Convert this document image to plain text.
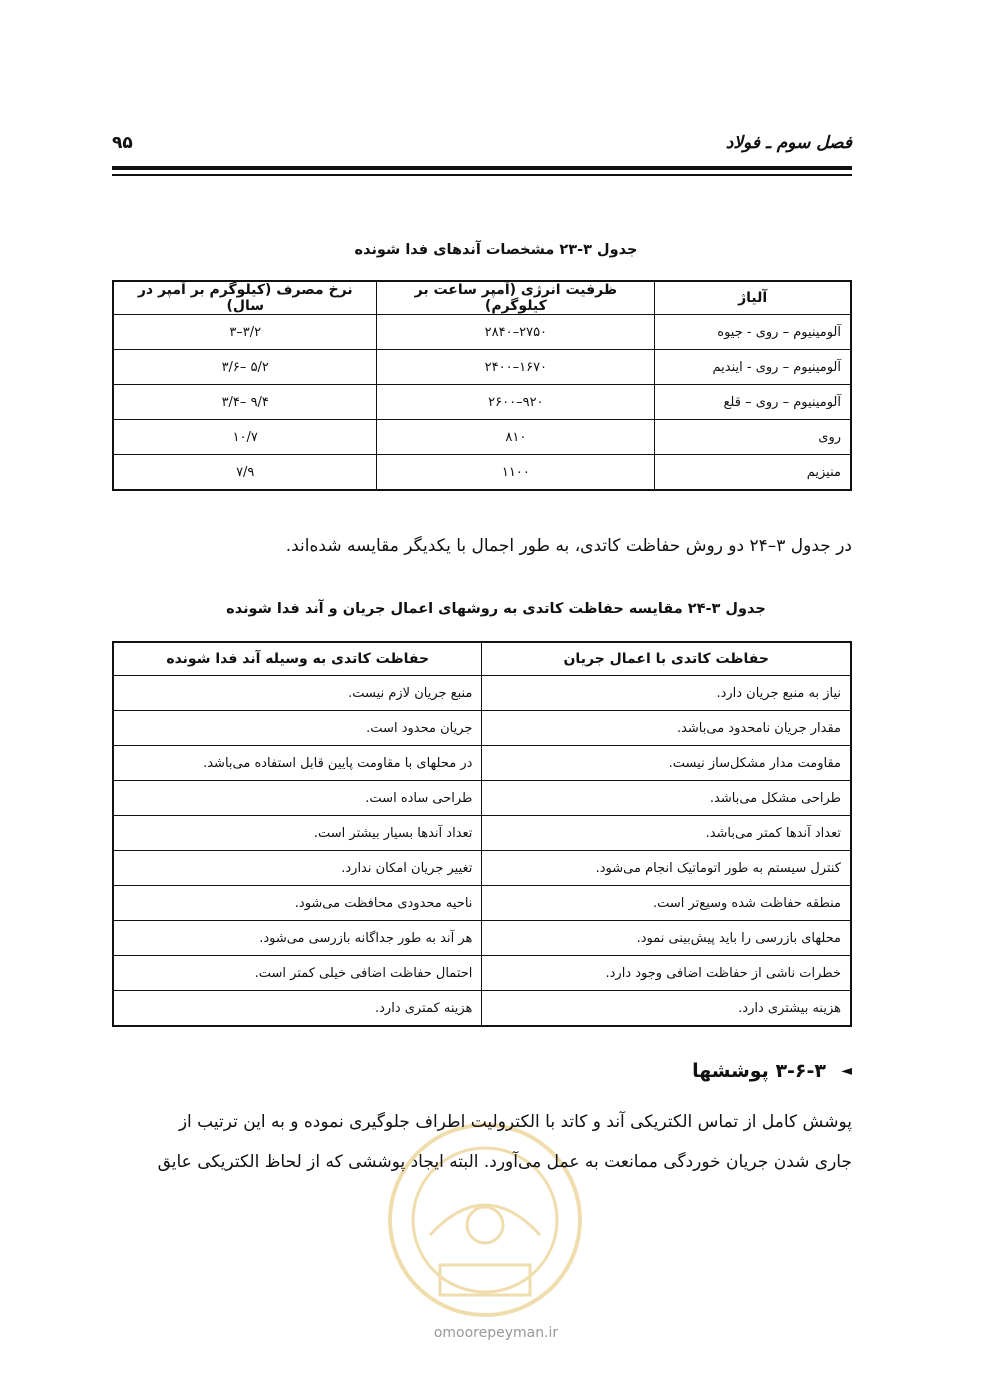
فصل سوم ـ فولاد
۹۵
جدول ۳-۲۳ مشخصات آندهای فدا شونده
آلیاژ	ظرفیت انرژی (آمپر ساعت بر کیلوگرم)	نرخ مصرف (کیلوگرم بر آمپر در سال)
آلومینیوم – روی - جیوه	۲۷۵۰–۲۸۴۰	۳/۲–۳
آلومینیوم – روی - ایندیم	۱۶۷۰–۲۴۰۰	۵/۲ –۳/۶
آلومینیوم – روی – قلع	۹۲۰–۲۶۰۰	۹/۴ –۳/۴
روی	۸۱۰	۱۰/۷
منیزیم	۱۱۰۰	۷/۹
در جدول ۳–۲۴ دو روش حفاظت کاتدی، به طور اجمال با یکدیگر مقایسه شده‌اند.
جدول ۳-۲۴ مقایسه حفاظت کاتدی به روشهای اعمال جریان و آند فدا شونده
حفاظت کاتدی با اعمال جریان	حفاظت کاتدی به وسیله آند فدا شونده
نیاز به منبع جریان دارد.	منبع جریان لازم نیست.
مقدار جریان نامحدود می‌باشد.	جریان محدود است.
مقاومت مدار مشکل‌ساز نیست.	در محلهای با مقاومت پایین قابل استفاده می‌باشد.
طراحی مشکل می‌باشد.	طراحی ساده است.
تعداد آندها کمتر می‌باشد.	تعداد آندها بسیار بیشتر است.
کنترل سیستم به طور اتوماتیک انجام می‌شود.	تغییر جریان امکان ندارد.
منطقه حفاظت شده وسیع‌تر است.	ناحیه محدودی محافظت می‌شود.
محلهای بازرسی را باید پیش‌بینی نمود.	هر آند به طور جداگانه بازرسی می‌شود.
خطرات ناشی از حفاظت اضافی وجود دارد.	احتمال حفاظت اضافی خیلی کمتر است.
هزینه بیشتری دارد.	هزینه کمتری دارد.
omoorepeyman.ir
۳-۶-۳ پوششها ◄
پوشش کامل از تماس الکتریکی آند و کاتد با الکترولیت اطراف جلوگیری نموده و به این ترتیب از
جاری شدن جریان خوردگی ممانعت به عمل می‌آورد. البته ایجاد پوششی که از لحاظ الکتریکی عایق
